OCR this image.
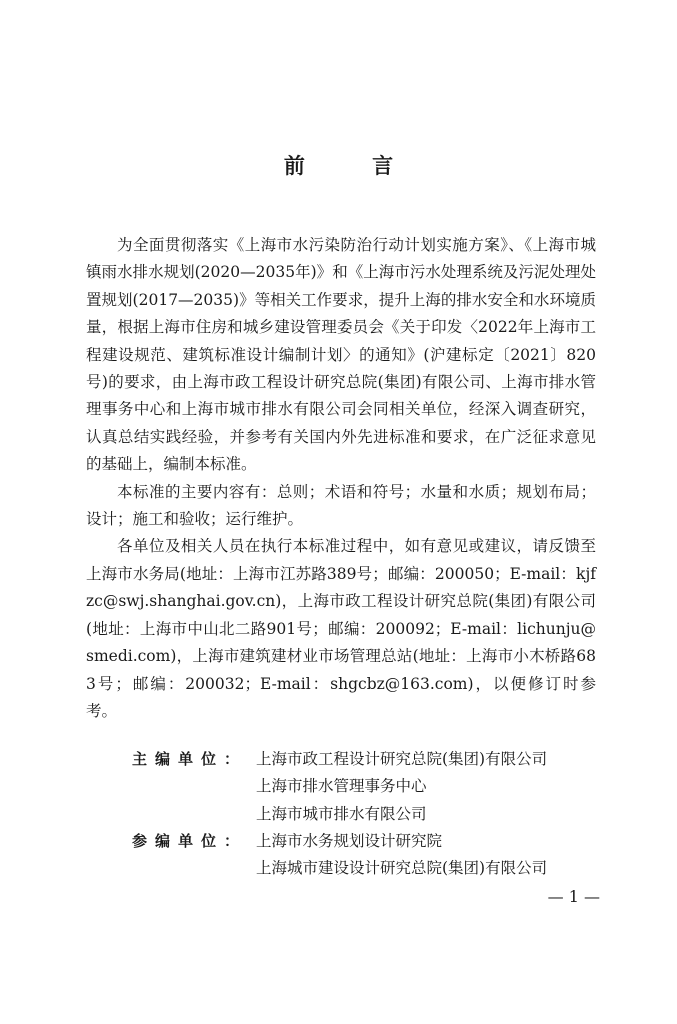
前 言

为全面贯彻落实《上海市水污染防治行动计划实施方案》、《上海市城镇雨水排水规划(2020—2035年)》和《上海市污水处理系统及污泥处理处置规划(2017—2035)》等相关工作要求，提升上海的排水安全和水环境质量，根据上海市住房和城乡建设管理委员会《关于印发〈2022年上海市工程建设规范、建筑标准设计编制计划〉的通知》(沪建标定〔2021〕820号)的要求，由上海市政工程设计研究总院(集团)有限公司、上海市排水管理事务中心和上海市城市排水有限公司会同相关单位，经深入调查研究，认真总结实践经验，并参考有关国内外先进标准和要求，在广泛征求意见的基础上，编制本标准。

本标准的主要内容有：总则；术语和符号；水量和水质；规划布局；设计；施工和验收；运行维护。

各单位及相关人员在执行本标准过程中，如有意见或建议，请反馈至上海市水务局(地址：上海市江苏路389号；邮编：200050；E-mail：kjfzc@swj.shanghai.gov.cn)，上海市政工程设计研究总院(集团)有限公司(地址：上海市中山北二路901号；邮编：200092；E-mail：lichunju@smedi.com)，上海市建筑建材业市场管理总站(地址：上海市小木桥路683号；邮编：200032；E-mail：shgcbz@163.com)，以便修订时参考。

主编单位：	上海市政工程设计研究总院(集团)有限公司
上海市排水管理事务中心
上海市城市排水有限公司
参编单位：	上海市水务规划设计研究院
上海城市建设设计研究总院(集团)有限公司
— 1 —
